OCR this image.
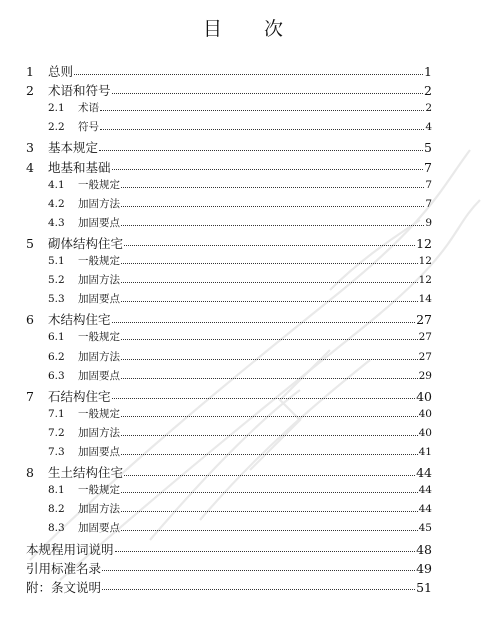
目 次
1	总则	1
2	术语和符号	2
2.1	术语	2
2.2	符号	4
3	基本规定	5
4	地基和基础	7
4.1	一般规定	7
4.2	加固方法	7
4.3	加固要点	9
5	砌体结构住宅	12
5.1	一般规定	12
5.2	加固方法	12
5.3	加固要点	14
6	木结构住宅	27
6.1	一般规定	27
6.2	加固方法	27
6.3	加固要点	29
7	石结构住宅	40
7.1	一般规定	40
7.2	加固方法	40
7.3	加固要点	41
8	生土结构住宅	44
8.1	一般规定	44
8.2	加固方法	44
8.3	加固要点	45
本规程用词说明	48
引用标准名录	49
附：条文说明	51
